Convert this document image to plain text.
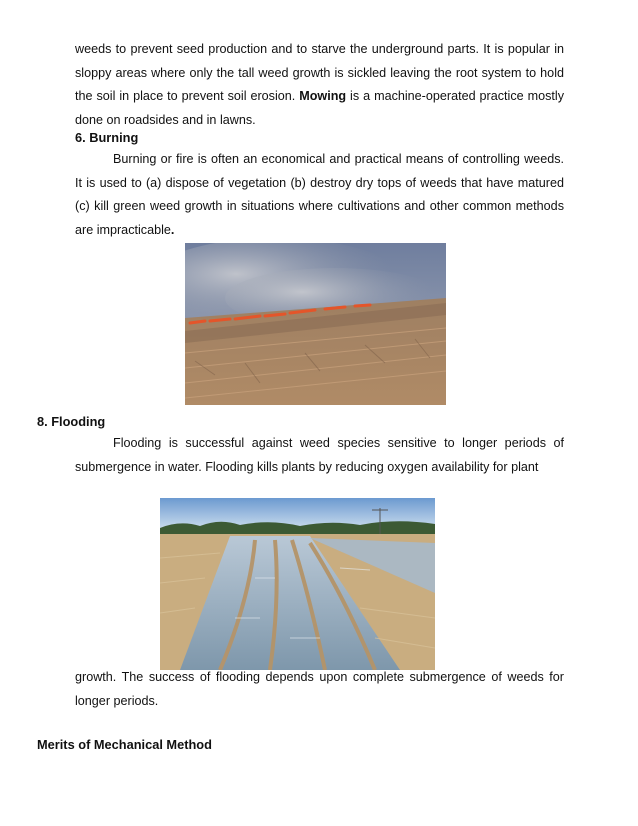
weeds to prevent seed production and to starve the underground parts. It is popular in sloppy areas where only the tall weed growth is sickled leaving the root system to hold the soil in place to prevent soil erosion. Mowing is a machine-operated practice mostly done on roadsides and in lawns.

6. Burning

Burning or fire is often an economical and practical means of controlling weeds. It is used to (a) dispose of vegetation (b) destroy dry tops of weeds that have matured (c) kill green weed growth in situations where cultivations and other common methods are impracticable.

8. Flooding

Flooding is successful against weed species sensitive to longer periods of submergence in water. Flooding kills plants by reducing oxygen availability for plant

growth. The success of flooding depends upon complete submergence of weeds for longer periods.

Merits of Mechanical Method
